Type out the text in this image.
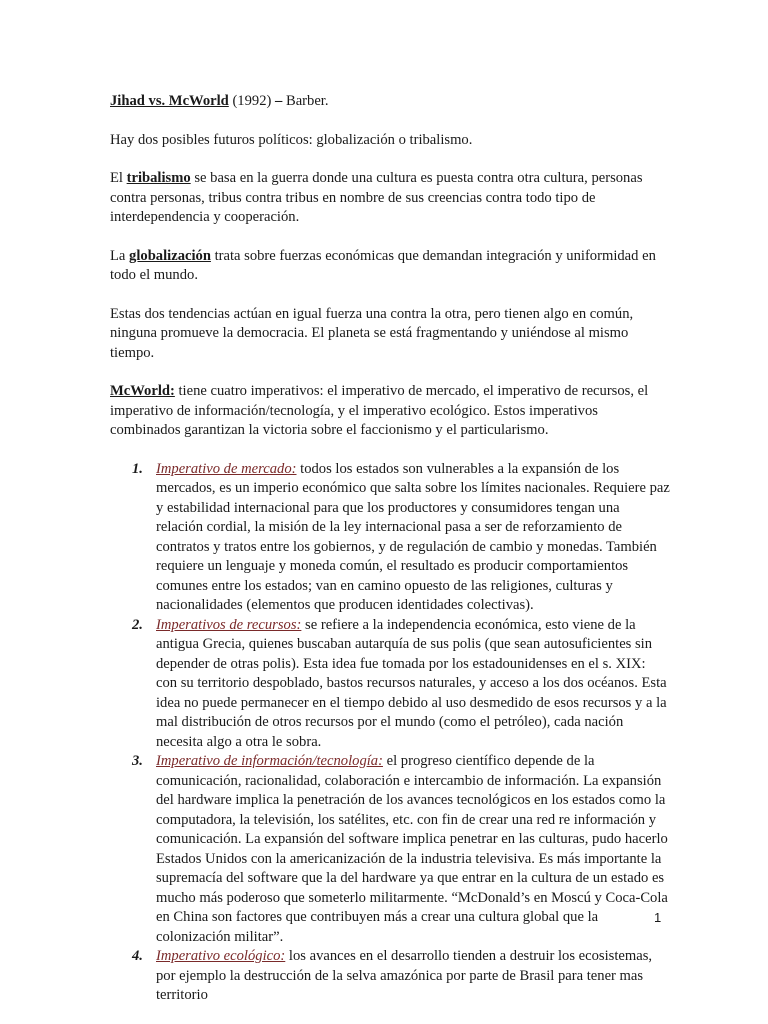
Jihad vs. McWorld (1992) – Barber.

Hay dos posibles futuros políticos: globalización o tribalismo.

El tribalismo se basa en la guerra donde una cultura es puesta contra otra cultura, personas contra personas, tribus contra tribus en nombre de sus creencias contra todo tipo de interdependencia y cooperación.

La globalización trata sobre fuerzas económicas que demandan integración y uniformidad en todo el mundo.

Estas dos tendencias actúan en igual fuerza una contra la otra, pero tienen algo en común, ninguna promueve la democracia. El planeta se está fragmentando y uniéndose al mismo tiempo.

McWorld: tiene cuatro imperativos: el imperativo de mercado, el imperativo de recursos, el imperativo de información/tecnología, y el imperativo ecológico. Estos imperativos combinados garantizan la victoria sobre el faccionismo y el particularismo.

1. Imperativo de mercado: todos los estados son vulnerables a la expansión de los mercados, es un imperio económico que salta sobre los límites nacionales. Requiere paz y estabilidad internacional para que los productores y consumidores tengan una relación cordial, la misión de la ley internacional pasa a ser de reforzamiento de contratos y tratos entre los gobiernos, y de regulación de cambio y monedas. También requiere un lenguaje y moneda común, el resultado es producir comportamientos comunes entre los estados; van en camino opuesto de las religiones, culturas y nacionalidades (elementos que producen identidades colectivas).
2. Imperativos de recursos: se refiere a la independencia económica, esto viene de la antigua Grecia, quienes buscaban autarquía de sus polis (que sean autosuficientes sin depender de otras polis). Esta idea fue tomada por los estadounidenses en el s. XIX: con su territorio despoblado, bastos recursos naturales, y acceso a los dos océanos. Esta idea no puede permanecer en el tiempo debido al uso desmedido de esos recursos y a la mal distribución de otros recursos por el mundo (como el petróleo), cada nación necesita algo a otra le sobra.
3. Imperativo de información/tecnología: el progreso científico depende de la comunicación, racionalidad, colaboración e intercambio de información. La expansión del hardware implica la penetración de los avances tecnológicos en los estados como la computadora, la televisión, los satélites, etc. con fin de crear una red re información y comunicación. La expansión del software implica penetrar en las culturas, pudo hacerlo Estados Unidos con la americanización de la industria televisiva. Es más importante la supremacía del software que la del hardware ya que entrar en la cultura de un estado es mucho más poderoso que someterlo militarmente. “McDonald’s en Moscú y Coca-Cola en China son factores que contribuyen más a crear una cultura global que la colonización militar”.
4. Imperativo ecológico: los avances en el desarrollo tienden a destruir los ecosistemas, por ejemplo la destrucción de la selva amazónica por parte de Brasil para tener mas territorio
1
